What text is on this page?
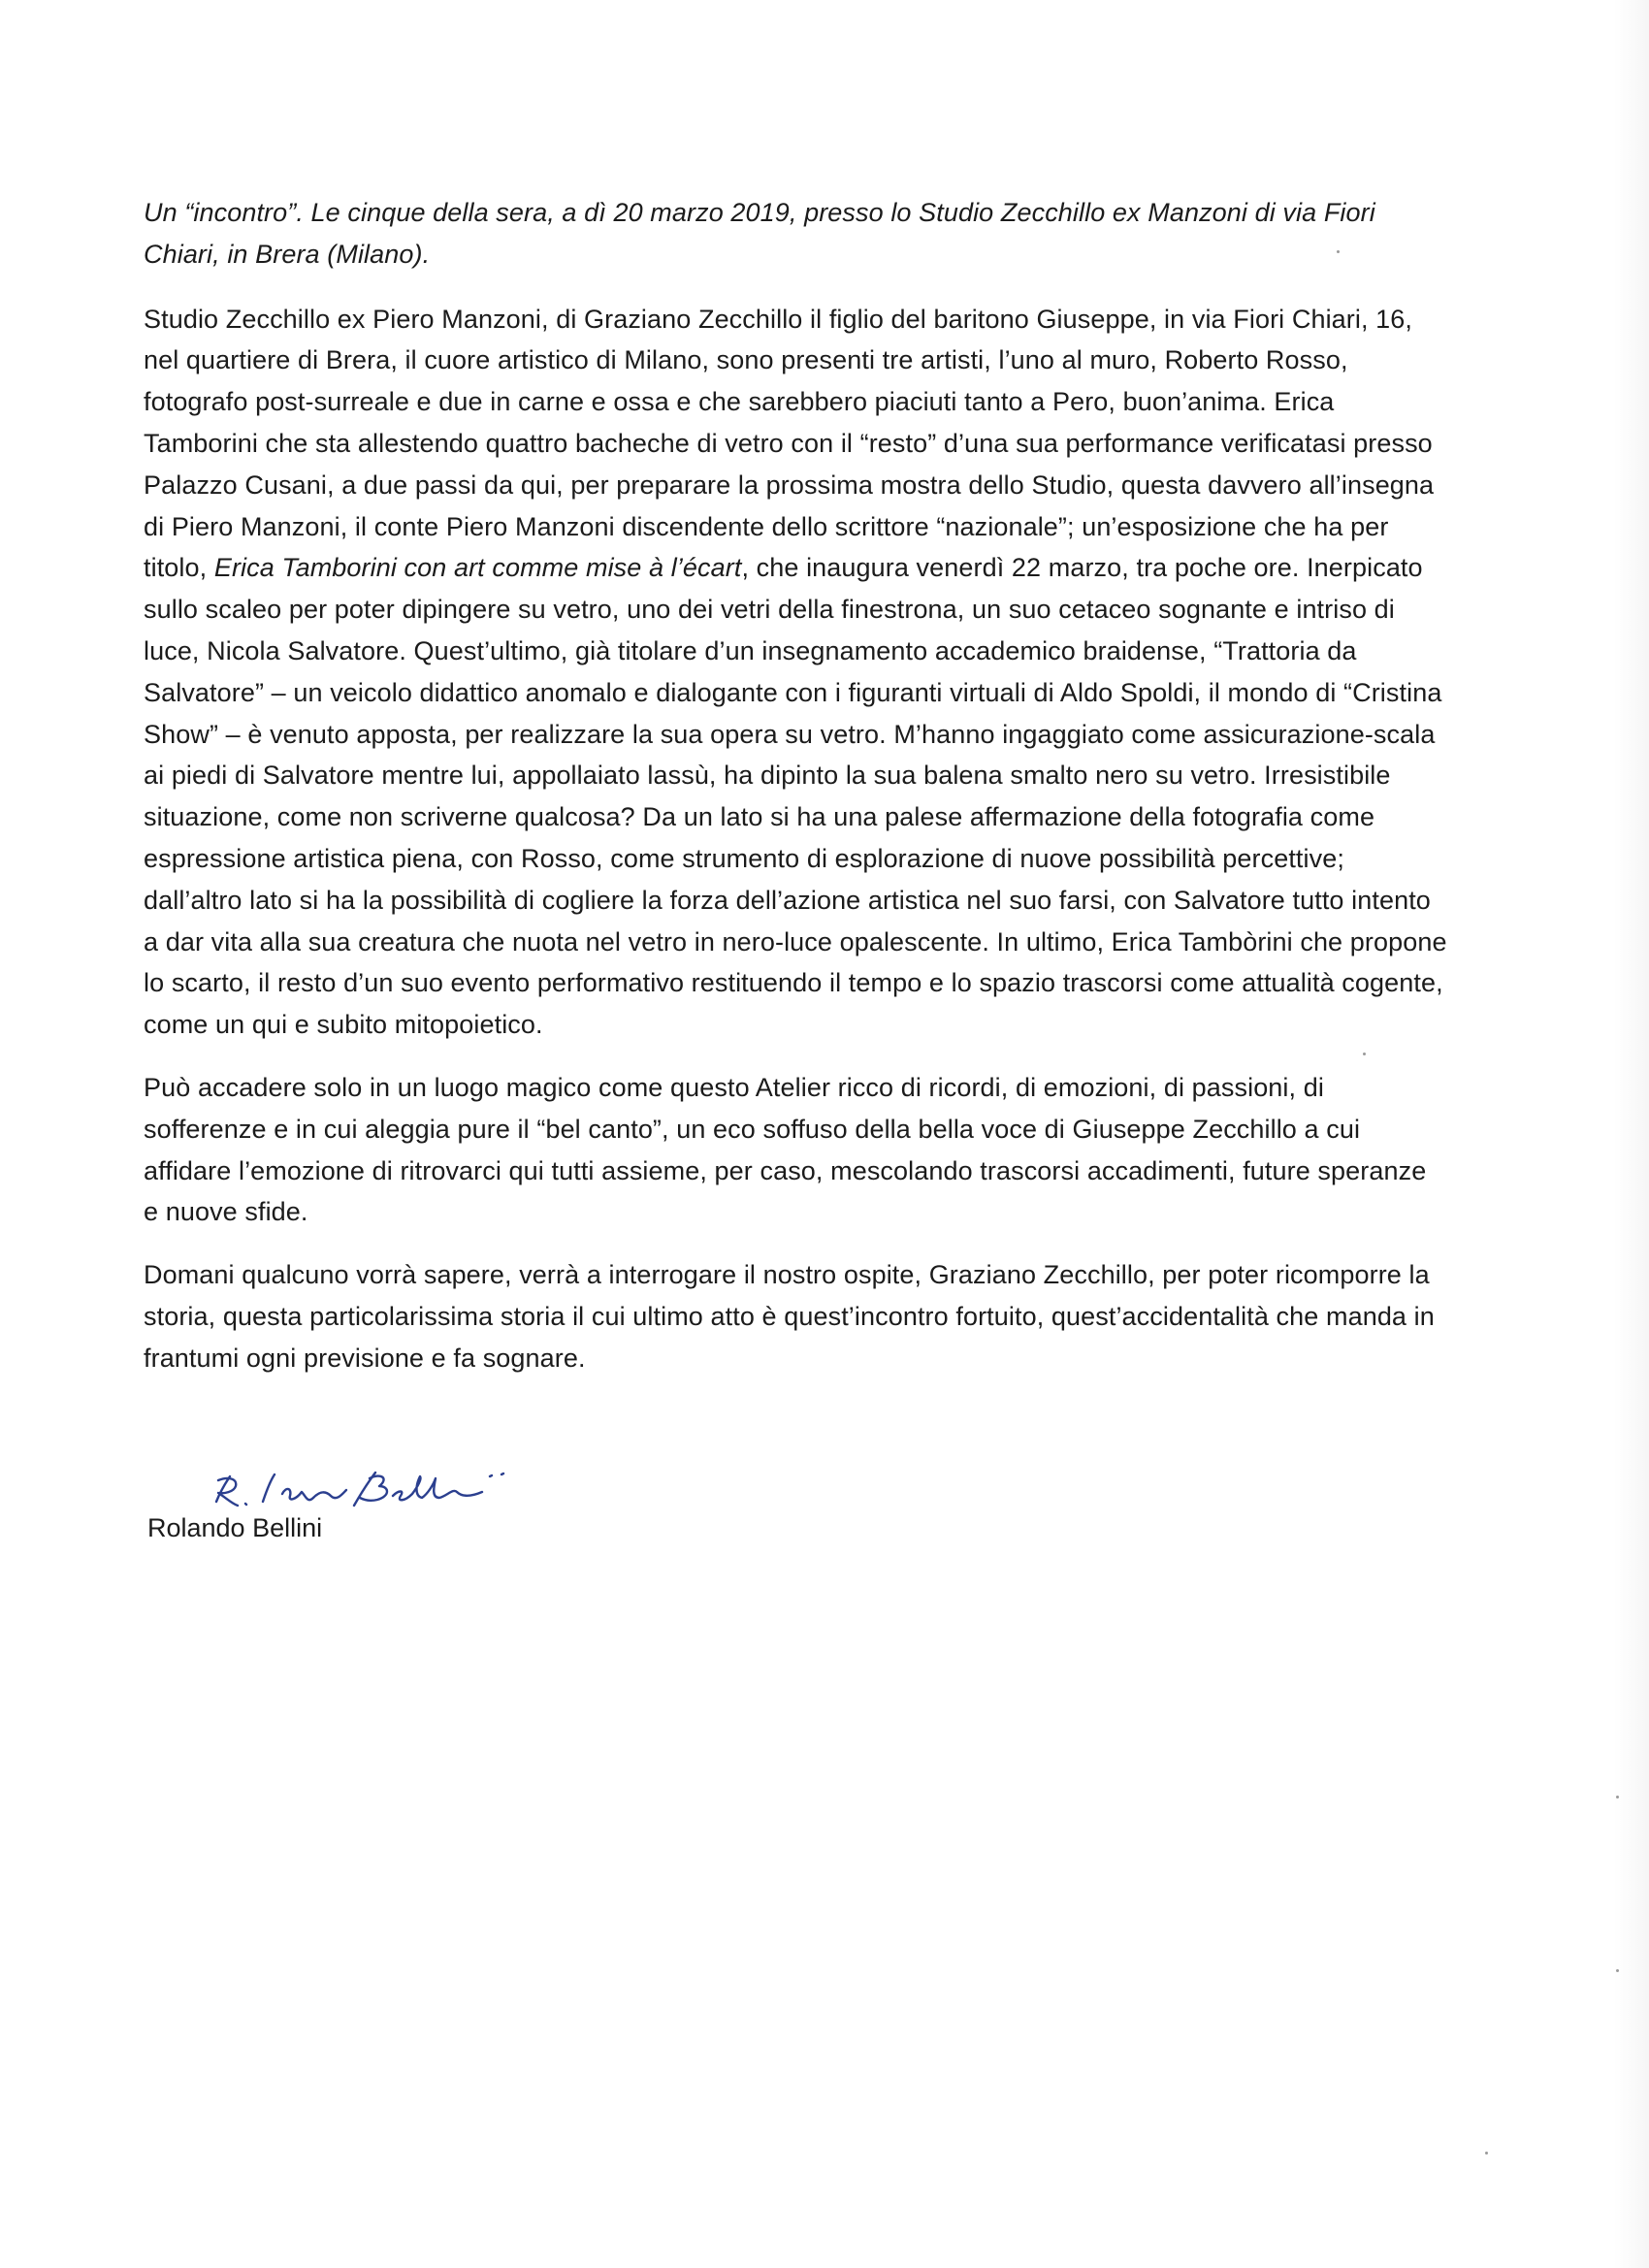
Un “incontro”. Le cinque della sera, a dì 20 marzo 2019, presso lo Studio Zecchillo ex Manzoni di via Fiori Chiari, in Brera (Milano).

Studio Zecchillo ex Piero Manzoni, di Graziano Zecchillo il figlio del baritono Giuseppe, in via Fiori Chiari, 16, nel quartiere di Brera, il cuore artistico di Milano, sono presenti tre artisti, l’uno al muro, Roberto Rosso, fotografo post-surreale e due in carne e ossa e che sarebbero piaciuti tanto a Pero, buon’anima. Erica Tamborini che sta allestendo quattro bacheche di vetro con il “resto” d’una sua performance verificatasi presso Palazzo Cusani, a due passi da qui, per preparare la prossima mostra dello Studio, questa davvero all’insegna di Piero Manzoni, il conte Piero Manzoni discendente dello scrittore “nazionale”; un’esposizione che ha per titolo, Erica Tamborini con art comme mise à l’écart, che inaugura venerdì 22 marzo, tra poche ore. Inerpicato sullo scaleo per poter dipingere su vetro, uno dei vetri della finestrona, un suo cetaceo sognante e intriso di luce, Nicola Salvatore. Quest’ultimo, già titolare d’un insegnamento accademico braidense, “Trattoria da Salvatore” – un veicolo didattico anomalo e dialogante con i figuranti virtuali di Aldo Spoldi, il mondo di “Cristina Show” – è venuto apposta, per realizzare la sua opera su vetro. M’hanno ingaggiato come assicurazione-scala ai piedi di Salvatore mentre lui, appollaiato lassù, ha dipinto la sua balena smalto nero su vetro. Irresistibile situazione, come non scriverne qualcosa? Da un lato si ha una palese affermazione della fotografia come espressione artistica piena, con Rosso, come strumento di esplorazione di nuove possibilità percettive; dall’altro lato si ha la possibilità di cogliere la forza dell’azione artistica nel suo farsi, con Salvatore tutto intento a dar vita alla sua creatura che nuota nel vetro in nero-luce opalescente. In ultimo, Erica Tambòrini che propone lo scarto, il resto d’un suo evento performativo restituendo il tempo e lo spazio trascorsi come attualità cogente, come un qui e subito mitopoietico.

Può accadere solo in un luogo magico come questo Atelier ricco di ricordi, di emozioni, di passioni, di sofferenze e in cui aleggia pure il “bel canto”, un eco soffuso della bella voce di Giuseppe Zecchillo a cui affidare l’emozione di ritrovarci qui tutti assieme, per caso, mescolando trascorsi accadimenti, future speranze e nuove sfide.

Domani qualcuno vorrà sapere, verrà a interrogare il nostro ospite, Graziano Zecchillo, per poter ricomporre la storia, questa particolarissima storia il cui ultimo atto è quest’incontro fortuito, quest’accidentalità che manda in frantumi ogni previsione e fa sognare.

Rolando Bellini
